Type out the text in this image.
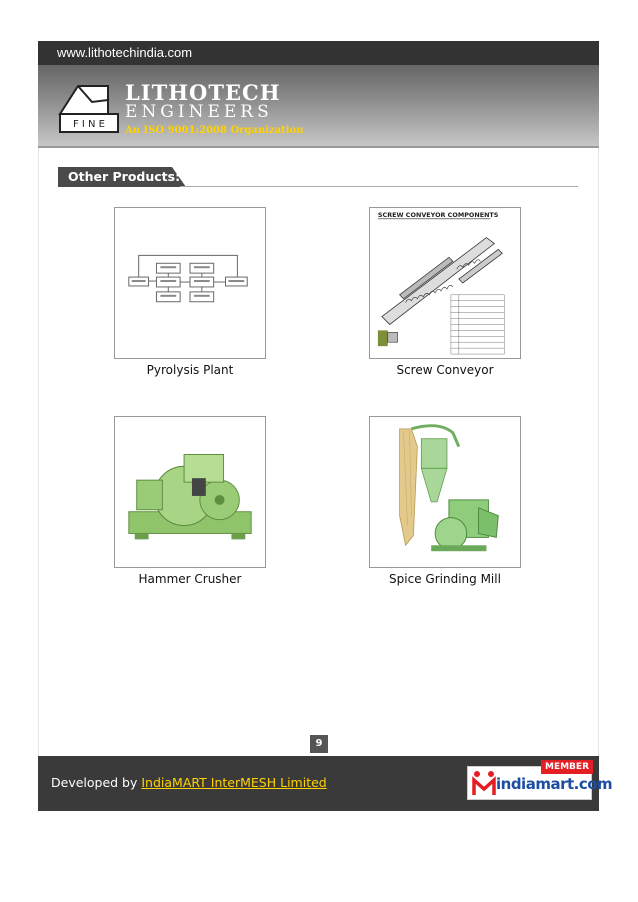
www.lithotechindia.com
F I N E
LITHOTECH
ENGINEERS
An ISO 9001:2008 Organization
Other Products:
Pyrolysis Plant
SCREW CONVEYOR COMPONENTS
Screw Conveyor
Hammer Crusher	Spice Grinding Mill
9
Developed by IndiaMART InterMESH Limited	indiamart.com
MEMBER
